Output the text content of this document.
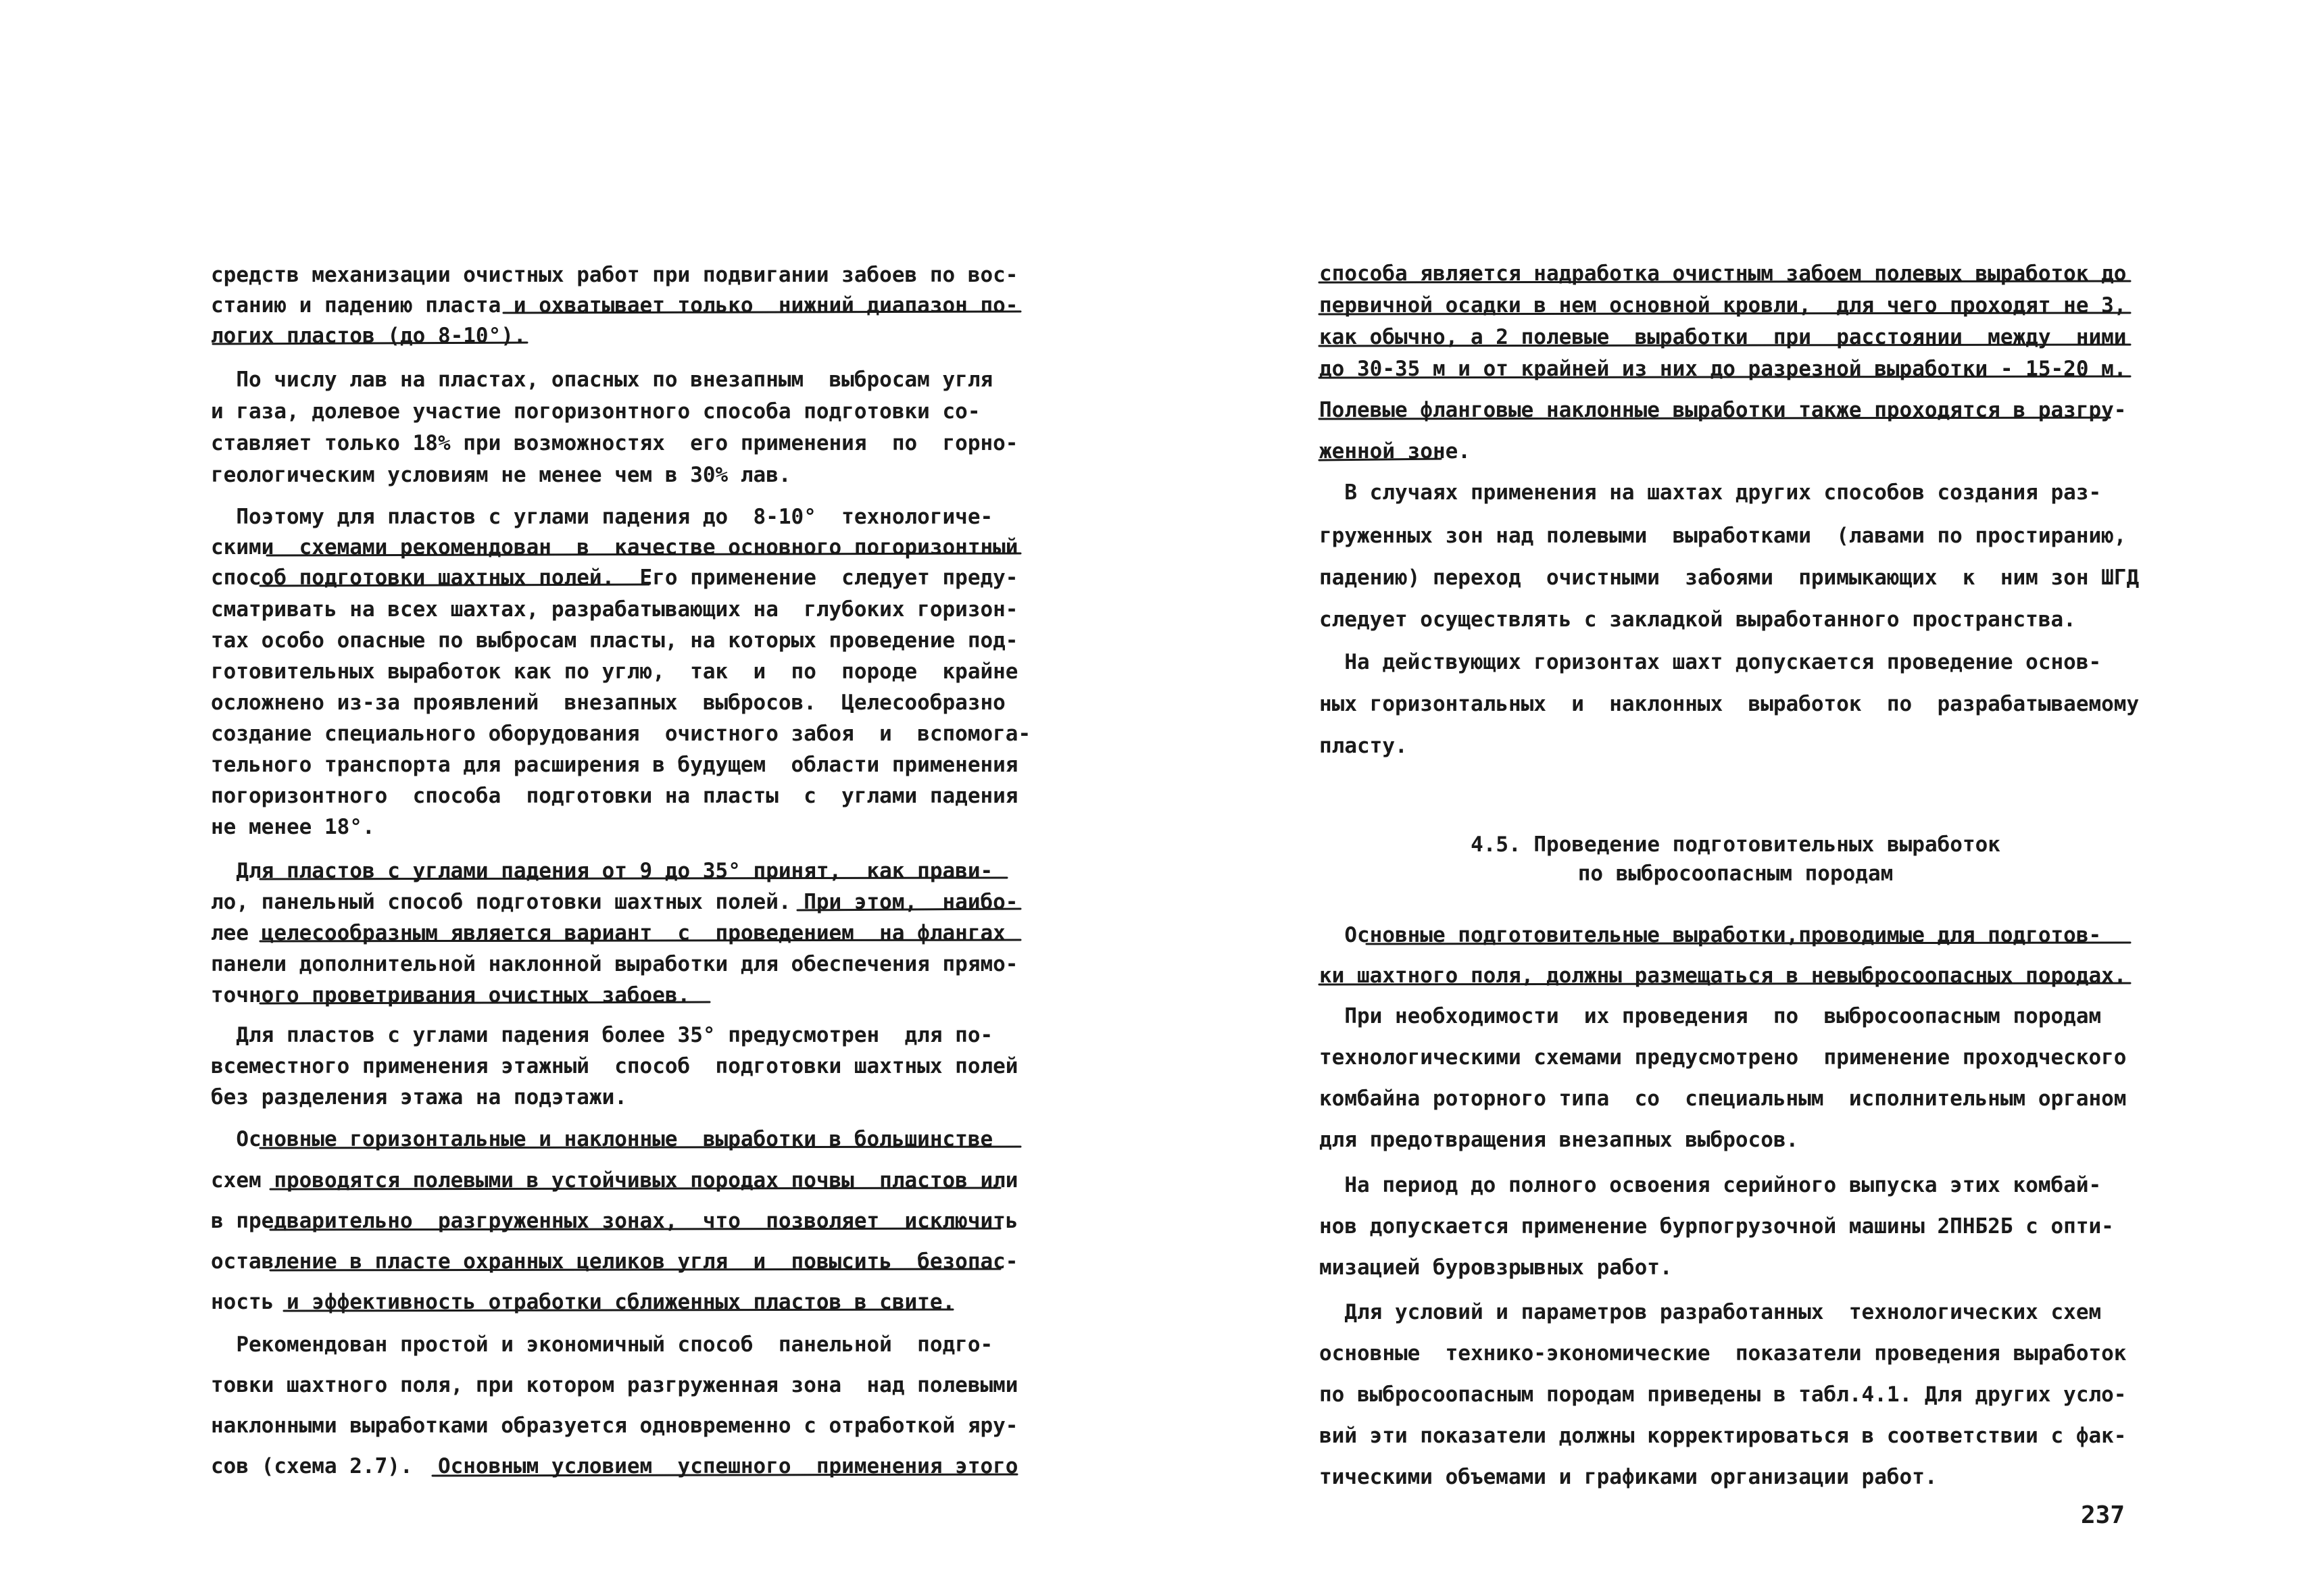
средств механизации очистных работ при подвигании забоев по вос-

станию и падению пласта и охватывает только  нижний диапазон по-

логих пластов (до 8-10°).

По числу лав на пластах, опасных по внезапным  выбросам угля

и газа, долевое участие погоризонтного способа подготовки со-

ставляет только 18% при возможностях  его применения  по  горно-

геологическим условиям не менее чем в 30% лав.

Поэтому для пластов с углами падения до  8-10°  технологиче-

скими  схемами рекомендован  в  качестве основного погоризонтный

способ подготовки шахтных полей.  Его применение  следует преду-

сматривать на всех шахтах, разрабатывающих на  глубоких горизон-

тах особо опасные по выбросам пласты, на которых проведение под-

готовительных выработок как по углю,  так  и  по  породе  крайне

осложнено из-за проявлений  внезапных  выбросов.  Целесообразно

создание специального оборудования  очистного забоя  и  вспомога-

тельного транспорта для расширения в будущем  области применения

погоризонтного  способа  подготовки на пласты  с  углами падения

не менее 18°.

Для пластов с углами падения от 9 до 35° принят,  как прави-

ло, панельный способ подготовки шахтных полей. При этом,  наибо-

лее целесообразным является вариант  с  проведением  на флангах

панели дополнительной наклонной выработки для обеспечения прямо-

точного проветривания очистных забоев.

Для пластов с углами падения более 35° предусмотрен  для по-

всеместного применения этажный  способ  подготовки шахтных полей

без разделения этажа на подэтажи.

Основные горизонтальные и наклонные  выработки в большинстве

схем проводятся полевыми в устойчивых породах почвы  пластов или

в предварительно  разгруженных зонах,  что  позволяет  исключить

оставление в пласте охранных целиков угля  и  повысить  безопас-

ность и эффективность отработки сближенных пластов в свите.

Рекомендован простой и экономичный способ  панельной  подго-

товки шахтного поля, при котором разгруженная зона  над полевыми

наклонными выработками образуется одновременно с отработкой яру-

сов (схема 2.7).  Основным условием  успешного  применения этого

способа является надработка очистным забоем полевых выработок до

первичной осадки в нем основной кровли,  для чего проходят не 3,

как обычно, а 2 полевые  выработки  при  расстоянии  между  ними

до 30-35 м и от крайней из них до разрезной выработки - 15-20 м.

Полевые фланговые наклонные выработки также проходятся в разгру-

женной зоне.

В случаях применения на шахтах других способов создания раз-

груженных зон над полевыми  выработками  (лавами по простиранию,

падению) переход  очистными  забоями  примыкающих  к  ним зон ШГД

следует осуществлять с закладкой выработанного пространства.

На действующих горизонтах шахт допускается проведение основ-

ных горизонтальных  и  наклонных  выработок  по  разрабатываемому

пласту.

4.5. Проведение подготовительных выработок
по выбросоопасным породам

Основные подготовительные выработки,проводимые для подготов-

ки шахтного поля, должны размещаться в невыбросоопасных породах.

При необходимости  их проведения  по  выбросоопасным породам

технологическими схемами предусмотрено  применение проходческого

комбайна роторного типа  со  специальным  исполнительным органом

для предотвращения внезапных выбросов.

На период до полного освоения серийного выпуска этих комбай-

нов допускается применение бурпогрузочной машины 2ПНБ2Б с опти-

мизацией буровзрывных работ.

Для условий и параметров разработанных  технологических схем

основные  технико-экономические  показатели проведения выработок

по выбросоопасным породам приведены в табл.4.1. Для других усло-

вий эти показатели должны корректироваться в соответствии с фак-

тическими объемами и графиками организации работ.

237
